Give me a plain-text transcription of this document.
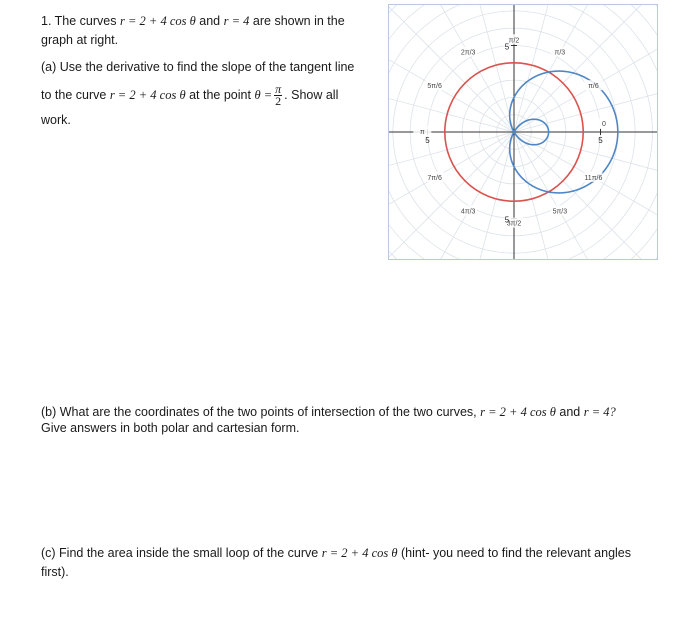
1. The curves r = 2 + 4 cos θ and r = 4 are shown in the
graph at right.
(a) Use the derivative to find the slope of the tangent line
to the curve r = 2 + 4 cos θ at the point $\theta = \frac{\pi}{2}$ . Show all
work.	0
π/6
π/3
π/2
2π/3
5π/6
π
7π/6
4π/3
3π/2
5π/3
11π/6
5
5
5	5
(b) What are the coordinates of the two points of intersection of the two curves, r = 2 + 4 cos θ and r = 4?
Give answers in both polar and cartesian form.
(c) Find the area inside the small loop of the curve r = 2 + 4 cos θ (hint- you need to find the relevant angles
first).
